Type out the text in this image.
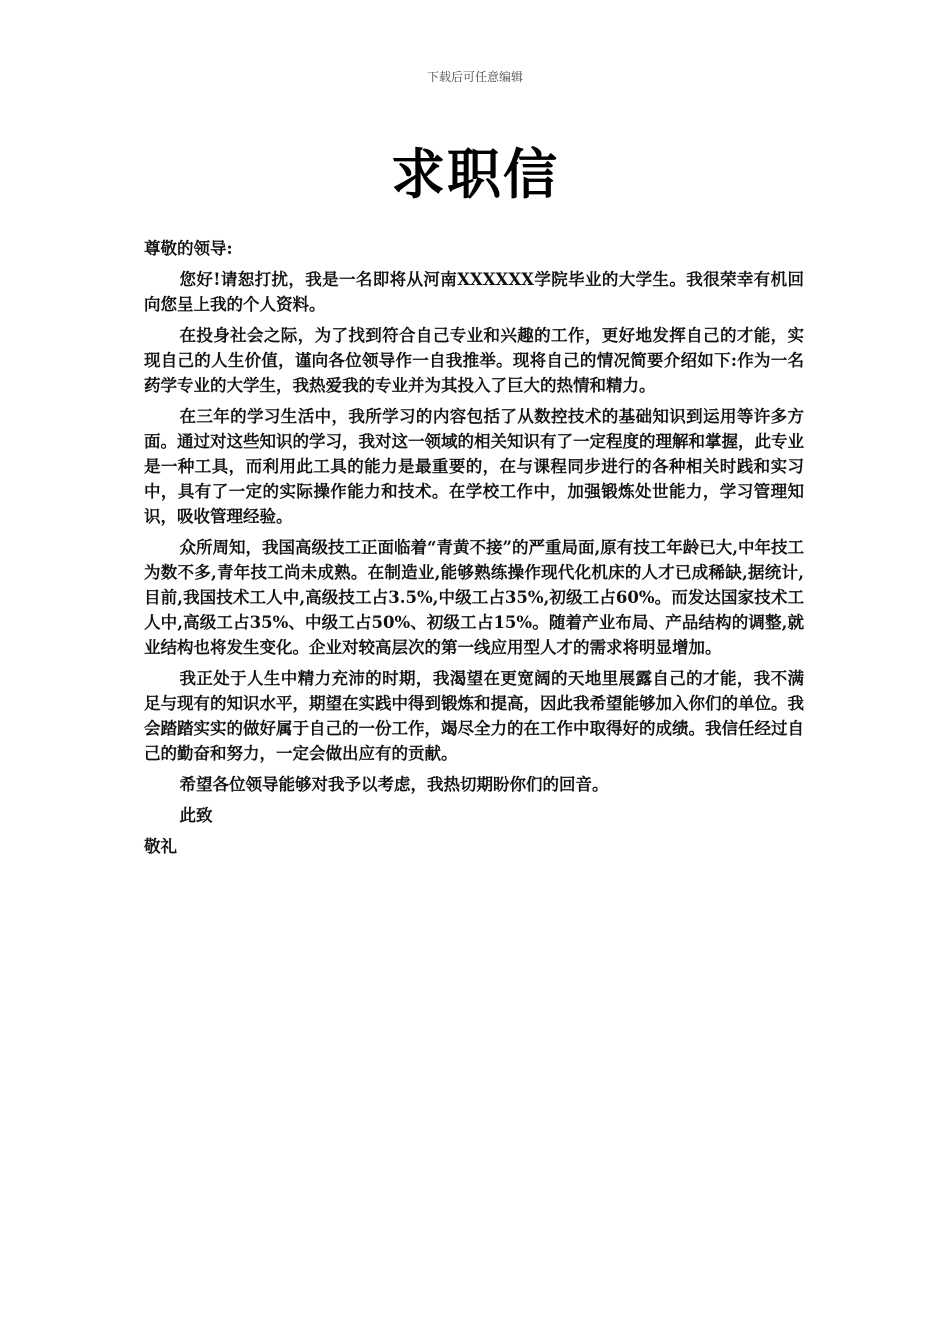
下载后可任意编辑
求职信

尊敬的领导:

您好!请恕打扰，我是一名即将从河南XXXXXX学院毕业的大学生。我很荣幸有机回向您呈上我的个人资料。

在投身社会之际，为了找到符合自己专业和兴趣的工作，更好地发挥自己的才能，实现自己的人生价值，谨向各位领导作一自我推举。现将自己的情况简要介绍如下:作为一名药学专业的大学生，我热爱我的专业并为其投入了巨大的热情和精力。

在三年的学习生活中，我所学习的内容包括了从数控技术的基础知识到运用等许多方面。通过对这些知识的学习，我对这一领域的相关知识有了一定程度的理解和掌握，此专业是一种工具，而利用此工具的能力是最重要的，在与课程同步进行的各种相关时践和实习中，具有了一定的实际操作能力和技术。在学校工作中，加强锻炼处世能力，学习管理知识，吸收管理经验。

众所周知，我国高级技工正面临着“青黄不接”的严重局面,原有技工年龄已大,中年技工为数不多,青年技工尚未成熟。在制造业,能够熟练操作现代化机床的人才已成稀缺,据统计,目前,我国技术工人中,高级技工占3.5%,中级工占35%,初级工占60%。而发达国家技术工人中,高级工占35%、中级工占50%、初级工占15%。随着产业布局、产品结构的调整,就业结构也将发生变化。企业对较高层次的第一线应用型人才的需求将明显增加。

我正处于人生中精力充沛的时期，我渴望在更宽阔的天地里展露自己的才能，我不满足与现有的知识水平，期望在实践中得到锻炼和提高，因此我希望能够加入你们的单位。我会踏踏实实的做好属于自己的一份工作，竭尽全力的在工作中取得好的成绩。我信任经过自己的勤奋和努力，一定会做出应有的贡献。

希望各位领导能够对我予以考虑，我热切期盼你们的回音。

此致

敬礼
